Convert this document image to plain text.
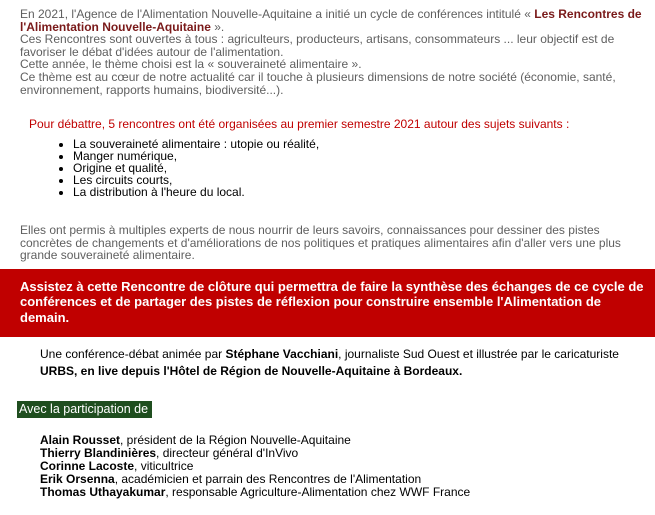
En 2021, l'Agence de l'Alimentation Nouvelle-Aquitaine a initié un cycle de conférences intitulé « Les Rencontres de l'Alimentation Nouvelle-Aquitaine ».

Ces Rencontres sont ouvertes à tous : agriculteurs, producteurs, artisans, consommateurs ... leur objectif est de favoriser le débat d'idées autour de l'alimentation.

Cette année, le thème choisi est la « souveraineté alimentaire ».

Ce thème est au cœur de notre actualité car il touche à plusieurs dimensions de notre société (économie, santé, environnement, rapports humains, biodiversité...).

Pour débattre, 5 rencontres ont été organisées au premier semestre 2021 autour des sujets suivants :
• La souveraineté alimentaire : utopie ou réalité,
• Manger numérique,
• Origine et qualité,
• Les circuits courts,
• La distribution à l'heure du local.
Elles ont permis à multiples experts de nous nourrir de leurs savoirs, connaissances pour dessiner des pistes concrètes de changements et d'améliorations de nos politiques et pratiques alimentaires afin d'aller vers une plus grande souveraineté alimentaire.
Assistez à cette Rencontre de clôture qui permettra de faire la synthèse des échanges de ce cycle de conférences et de partager des pistes de réflexion pour construire ensemble l'Alimentation de demain.
Une conférence-débat animée par Stéphane Vacchiani, journaliste Sud Ouest et illustrée par le caricaturiste URBS, en live depuis l'Hôtel de Région de Nouvelle-Aquitaine à Bordeaux.
Avec la participation de
Alain Rousset, président de la Région Nouvelle-Aquitaine
Thierry Blandinières, directeur général d'InVivo
Corinne Lacoste, viticultrice
Erik Orsenna, académicien et parrain des Rencontres de l'Alimentation
Thomas Uthayakumar, responsable Agriculture-Alimentation chez WWF France
